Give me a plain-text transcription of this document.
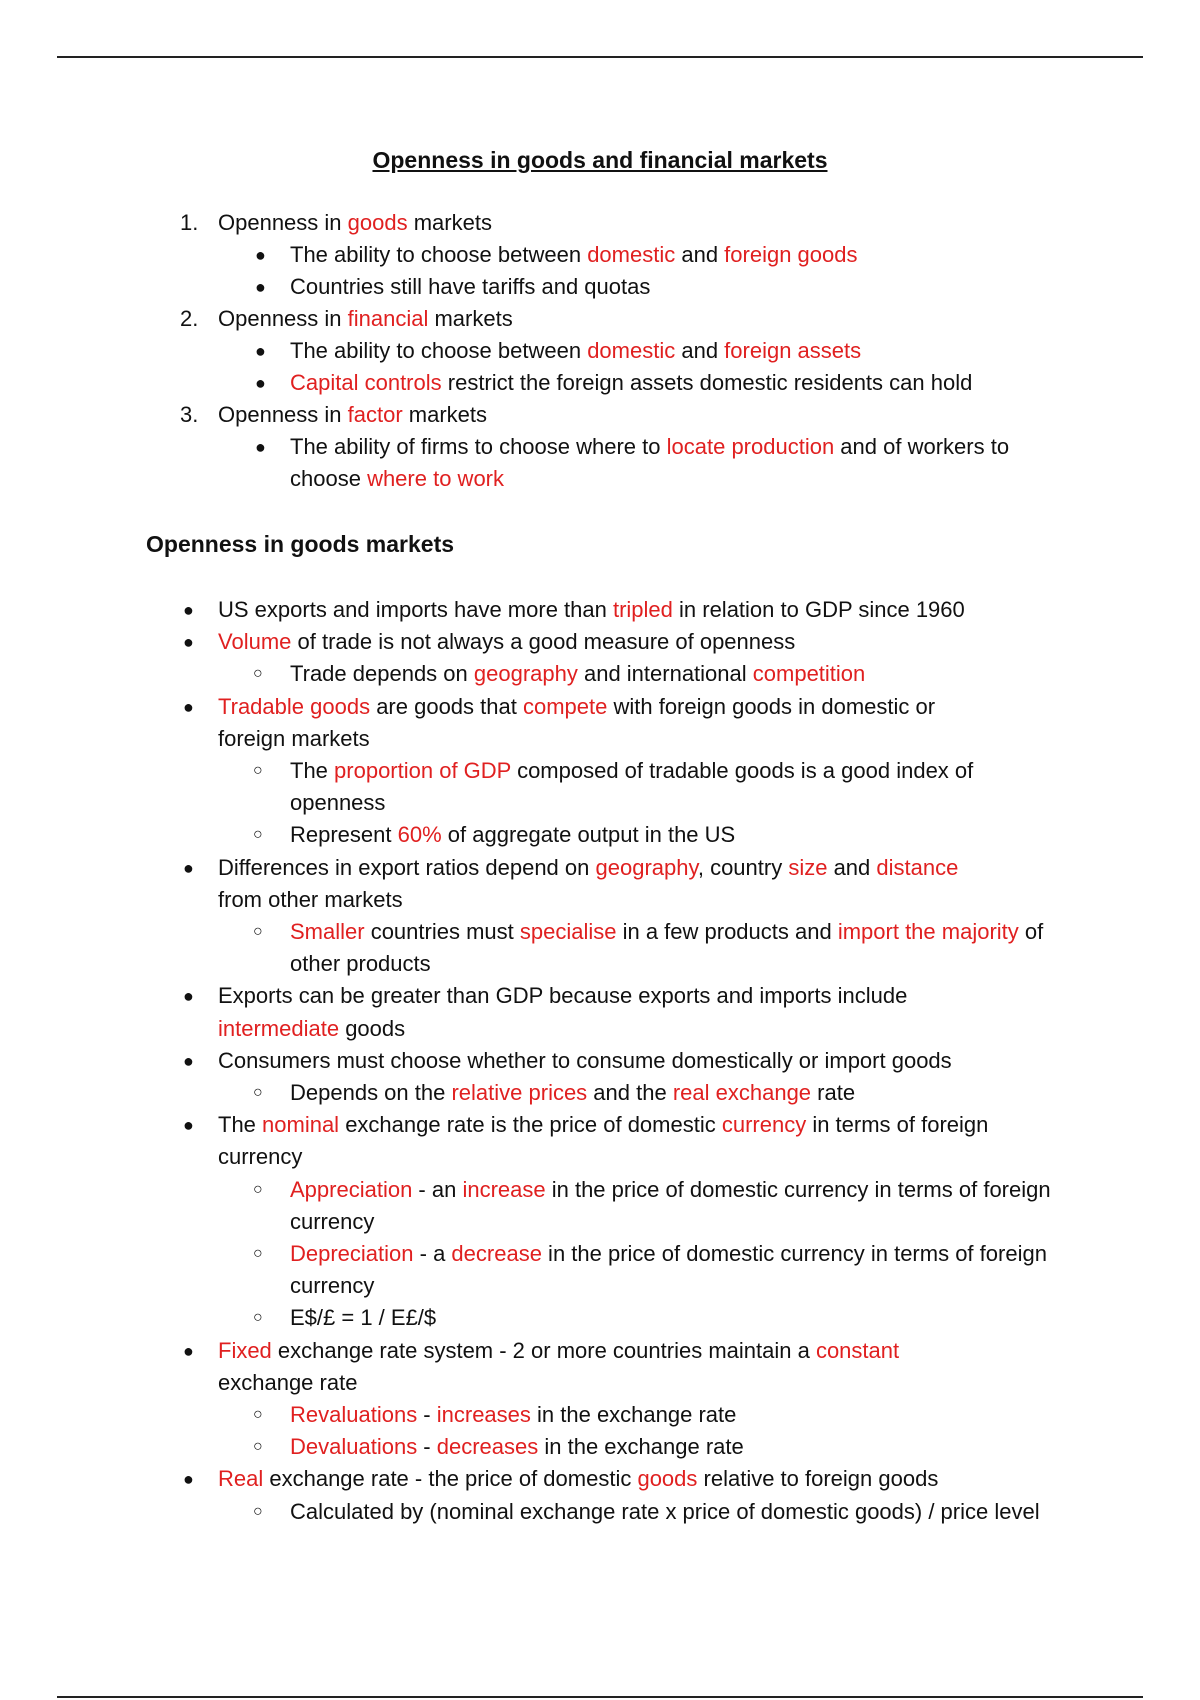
Openness in goods and financial markets
1. Openness in goods markets
● The ability to choose between domestic and foreign goods
● Countries still have tariffs and quotas
2. Openness in financial markets
● The ability to choose between domestic and foreign assets
● Capital controls restrict the foreign assets domestic residents can hold
3. Openness in factor markets
● The ability of firms to choose where to locate production and of workers to choose where to work
Openness in goods markets
● US exports and imports have more than tripled in relation to GDP since 1960
● Volume of trade is not always a good measure of openness
○ Trade depends on geography and international competition
● Tradable goods are goods that compete with foreign goods in domestic or foreign markets
○ The proportion of GDP composed of tradable goods is a good index of openness
○ Represent 60% of aggregate output in the US
● Differences in export ratios depend on geography, country size and distance from other markets
○ Smaller countries must specialise in a few products and import the majority of other products
● Exports can be greater than GDP because exports and imports include intermediate goods
● Consumers must choose whether to consume domestically or import goods
○ Depends on the relative prices and the real exchange rate
● The nominal exchange rate is the price of domestic currency in terms of foreign currency
○ Appreciation - an increase in the price of domestic currency in terms of foreign currency
○ Depreciation - a decrease in the price of domestic currency in terms of foreign currency
○ E$/£ = 1 / E£/$
● Fixed exchange rate system - 2 or more countries maintain a constant exchange rate
○ Revaluations - increases in the exchange rate
○ Devaluations - decreases in the exchange rate
● Real exchange rate - the price of domestic goods relative to foreign goods
○ Calculated by (nominal exchange rate x price of domestic goods) / price level
